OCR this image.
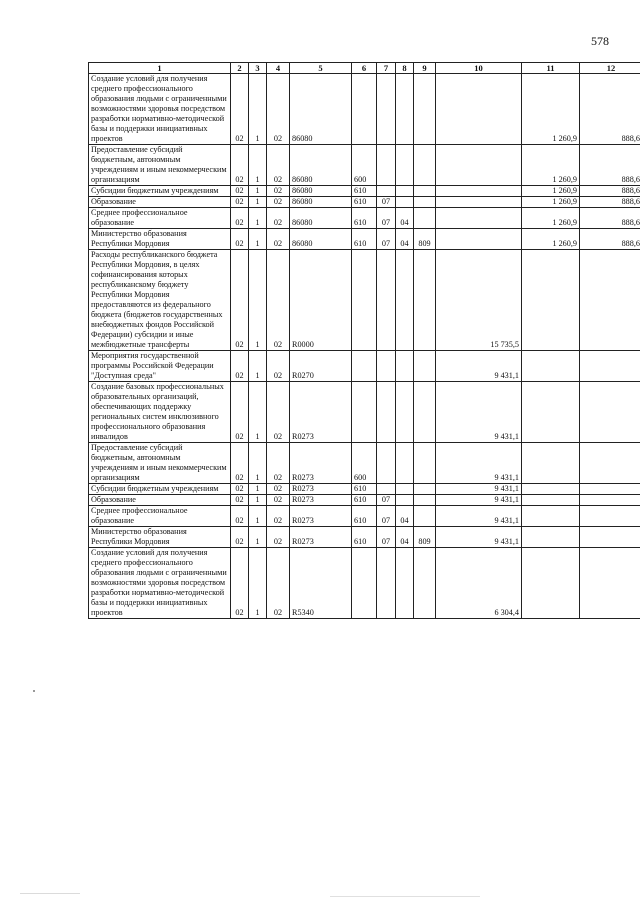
578
1	2	3	4	5	6	7	8	9	10	11	12
Создание условий для получения среднего профессионального образования людьми с ограниченными возможностями здоровья посредством разработки нормативно-методической базы и поддержки инициативных проектов	02	1	02	86080						1 260,9	888,6
Предоставление субсидий бюджетным, автономным учреждениям и иным некоммерческим организациям	02	1	02	86080	600					1 260,9	888,6
Субсидии бюджетным учреждениям	02	1	02	86080	610					1 260,9	888,6
Образование	02	1	02	86080	610	07				1 260,9	888,6
Среднее профессиональное образование	02	1	02	86080	610	07	04			1 260,9	888,6
Министерство образования Республики Мордовия	02	1	02	86080	610	07	04	809		1 260,9	888,6
Расходы республиканского бюджета Республики Мордовия, в целях софинансирования которых республиканскому бюджету Республики Мордовия предоставляются из федерального бюджета (бюджетов государственных внебюджетных фондов Российской Федерации) субсидии и иные межбюджетные трансферты	02	1	02	R0000					15 735,5		
Мероприятия государственной программы Российской Федерации "Доступная среда"	02	1	02	R0270					9 431,1		
Создание базовых профессиональных образовательных организаций, обеспечивающих поддержку региональных систем инклюзивного профессионального образования инвалидов	02	1	02	R0273					9 431,1		
Предоставление субсидий бюджетным, автономным учреждениям и иным некоммерческим организациям	02	1	02	R0273	600				9 431,1		
Субсидии бюджетным учреждениям	02	1	02	R0273	610				9 431,1		
Образование	02	1	02	R0273	610	07			9 431,1		
Среднее профессиональное образование	02	1	02	R0273	610	07	04		9 431,1		
Министерство образования Республики Мордовия	02	1	02	R0273	610	07	04	809	9 431,1		
Создание условий для получения среднего профессионального образования людьми с ограниченными возможностями здоровья посредством разработки нормативно-методической базы и поддержки инициативных проектов	02	1	02	R5340					6 304,4		
